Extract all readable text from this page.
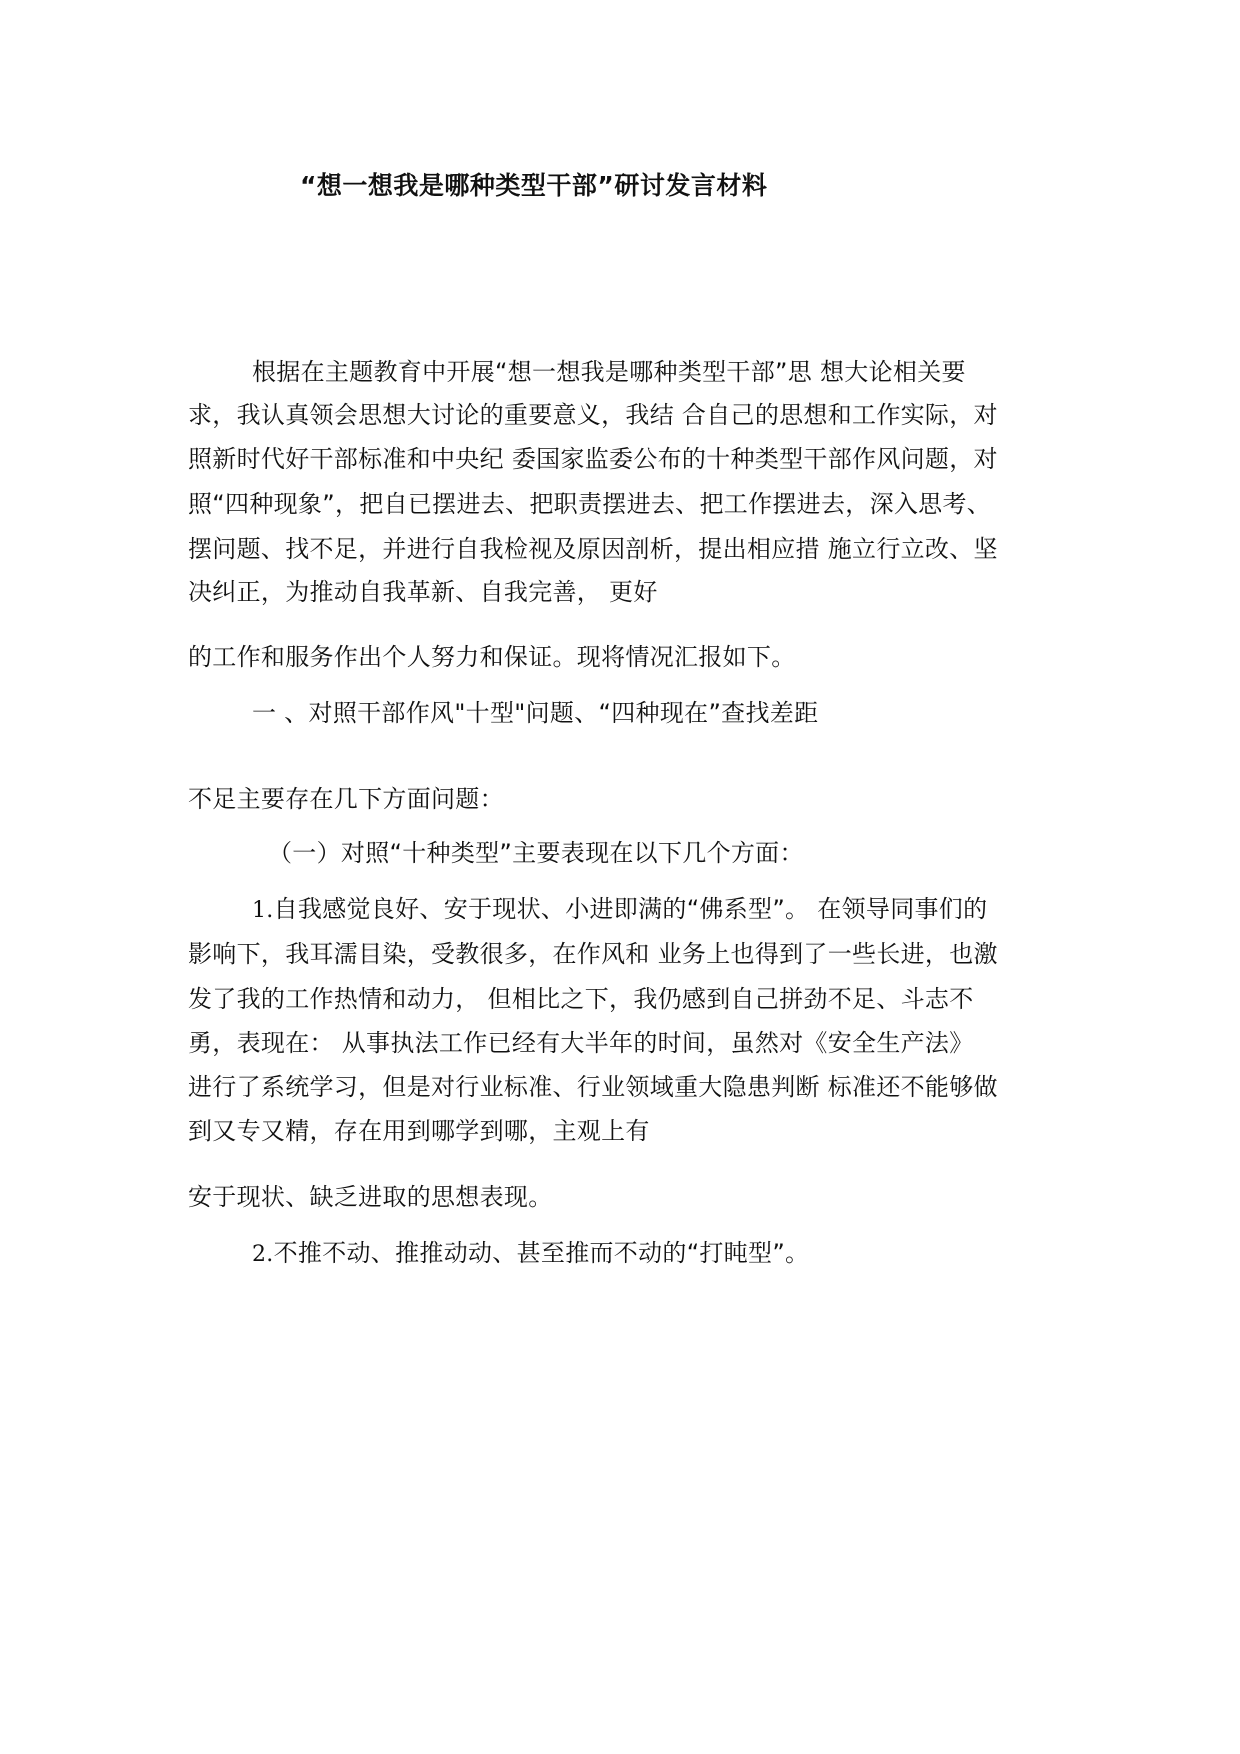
“想一想我是哪种类型干部”研讨发言材料
根据在主题教育中开展“想一想我是哪种类型干部”思 想大论相关要
求，我认真领会思想大讨论的重要意义，我结 合自己的思想和工作实际，对
照新时代好干部标准和中央纪 委国家监委公布的十种类型干部作风问题，对
照“四种现象”，把自已摆进去、把职责摆进去、把工作摆进去，深入思考、
摆问题、找不足，并进行自我检视及原因剖析，提出相应措 施立行立改、坚
决纠正，为推动自我革新、自我完善， 更好
的工作和服务作出个人努力和保证。现将情况汇报如下。
一 、对照干部作风"十型"问题、“四种现在”查找差距
不足主要存在几下方面问题：
（一）对照“十种类型”主要表现在以下几个方面：
1.自我感觉良好、安于现状、小进即满的“佛系型”。 在领导同事们的
影响下，我耳濡目染，受教很多，在作风和 业务上也得到了一些长进，也激
发了我的工作热情和动力， 但相比之下，我仍感到自己拼劲不足、斗志不
勇，表现在： 从事执法工作已经有大半年的时间，虽然对《安全生产法》
进行了系统学习，但是对行业标准、行业领域重大隐患判断 标准还不能够做
到又专又精，存在用到哪学到哪，主观上有
安于现状、缺乏进取的思想表现。
2.不推不动、推推动动、甚至推而不动的“打盹型”。
